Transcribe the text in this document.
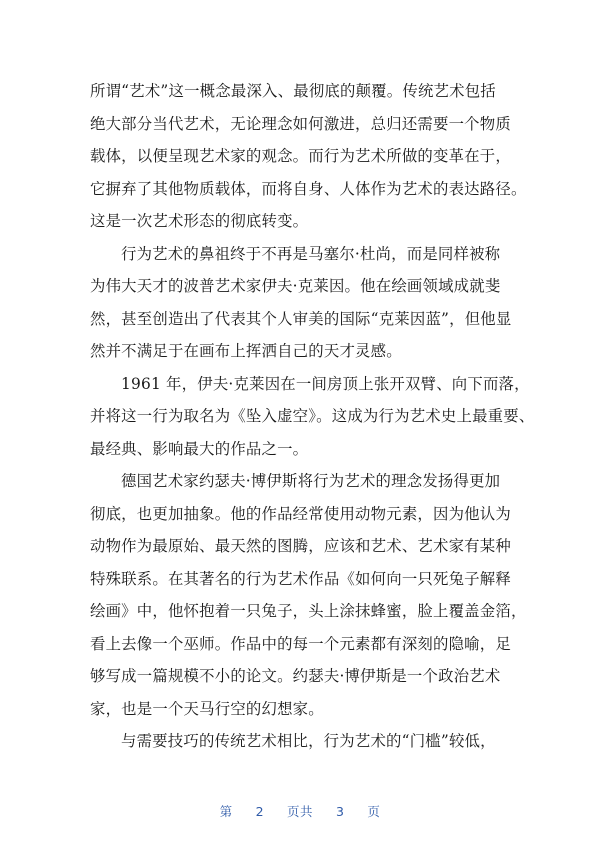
所谓“艺术”这一概念最深入、最彻底的颠覆。传统艺术包括
绝大部分当代艺术，无论理念如何激进，总归还需要一个物质
载体，以便呈现艺术家的观念。而行为艺术所做的变革在于，
它摒弃了其他物质载体，而将自身、人体作为艺术的表达路径。
这是一次艺术形态的彻底转变。
行为艺术的鼻祖终于不再是马塞尔·杜尚，而是同样被称
为伟大天才的波普艺术家伊夫·克莱因。他在绘画领域成就斐
然，甚至创造出了代表其个人审美的国际“克莱因蓝”，但他显
然并不满足于在画布上挥洒自己的天才灵感。
1961 年，伊夫·克莱因在一间房顶上张开双臂、向下而落，
并将这一行为取名为《坠入虚空》。这成为行为艺术史上最重要、
最经典、影响最大的作品之一。
德国艺术家约瑟夫·博伊斯将行为艺术的理念发扬得更加
彻底，也更加抽象。他的作品经常使用动物元素，因为他认为
动物作为最原始、最天然的图腾，应该和艺术、艺术家有某种
特殊联系。在其著名的行为艺术作品《如何向一只死兔子解释
绘画》中，他怀抱着一只兔子，头上涂抹蜂蜜，脸上覆盖金箔，
看上去像一个巫师。作品中的每一个元素都有深刻的隐喻，足
够写成一篇规模不小的论文。约瑟夫·博伊斯是一个政治艺术
家，也是一个天马行空的幻想家。
与需要技巧的传统艺术相比，行为艺术的“门槛”较低，
第 2 页共 3 页
